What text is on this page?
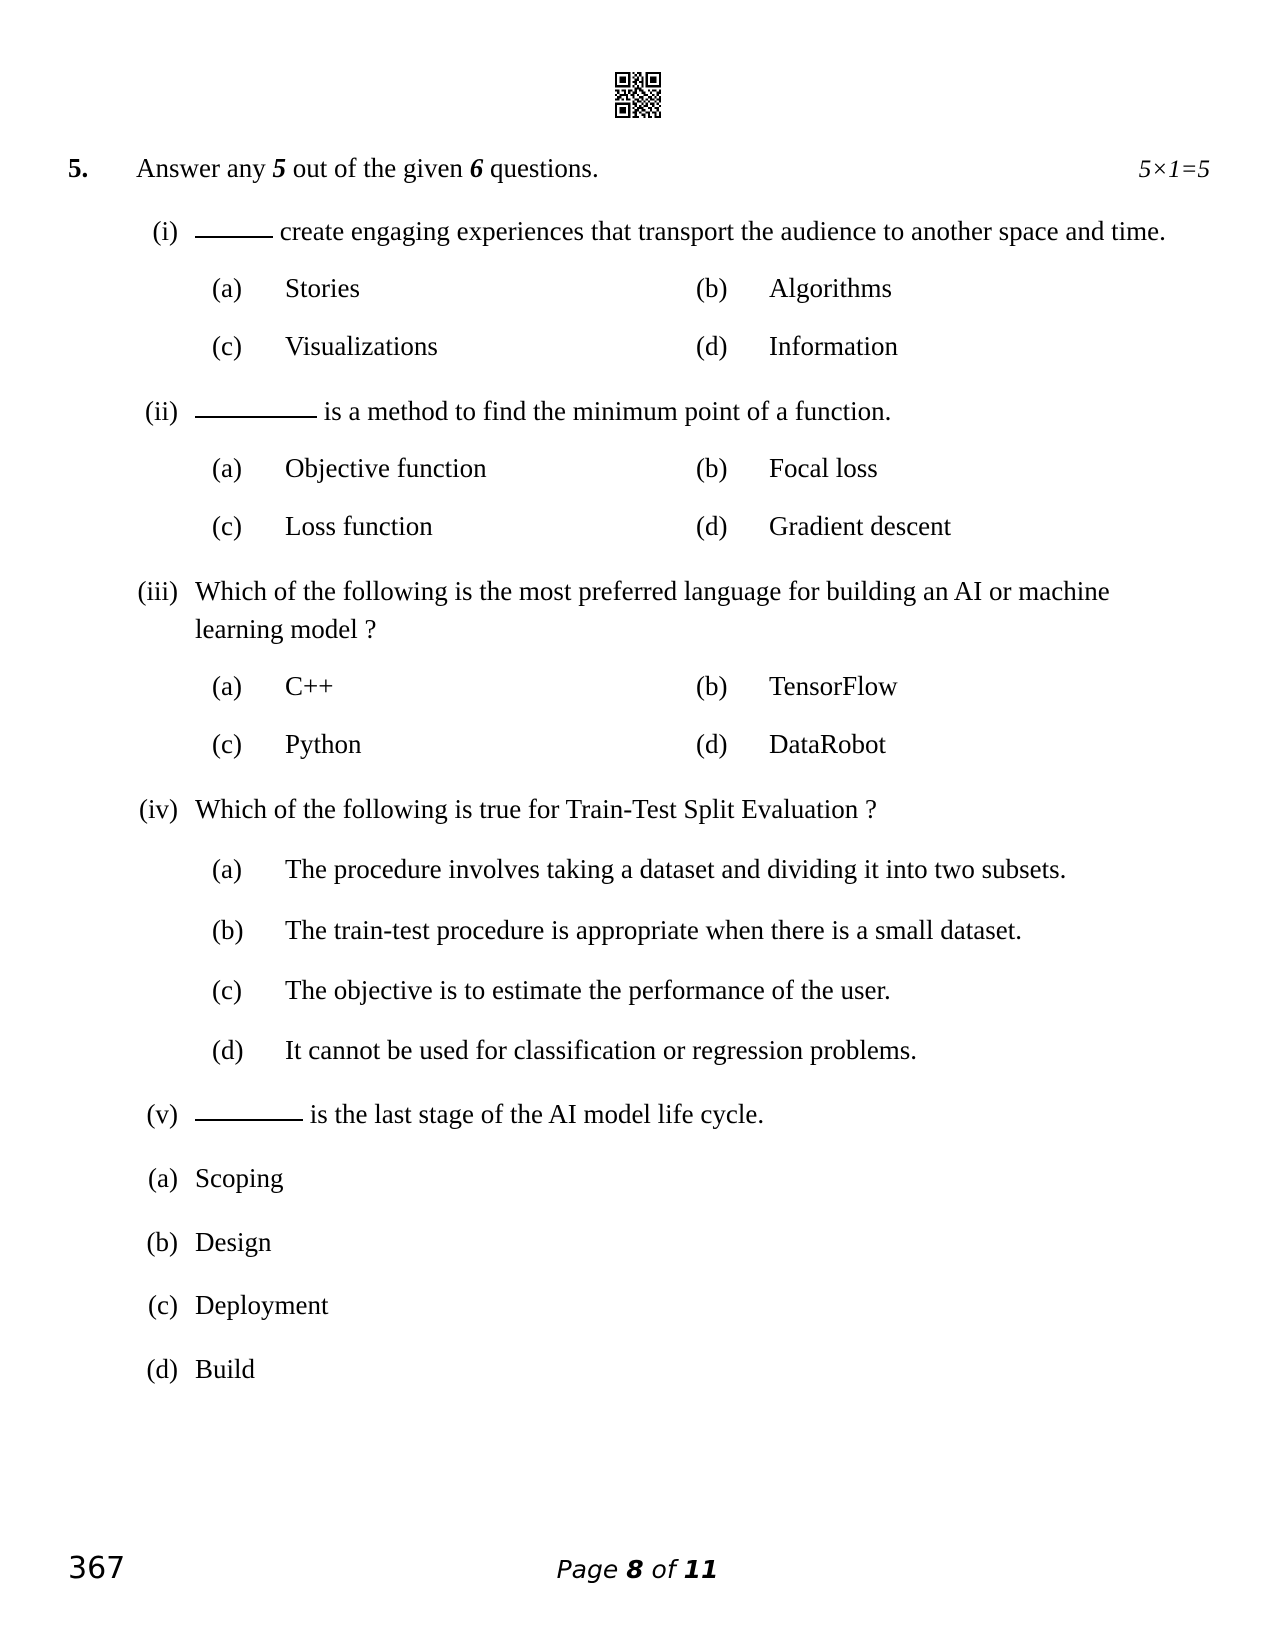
5.	Answer any 5 out of the given 6 questions.	5×1=5
(i)	create engaging experiences that transport the audience to another space and time.
(a)	Stories	(b)	Algorithms
(c)	Visualizations	(d)	Information
(ii)	is a method to find the minimum point of a function.
(a)	Objective function	(b)	Focal loss
(c)	Loss function	(d)	Gradient descent
(iii) Which of the following is the most preferred language for building an AI or machine learning model ?
(a)	C++	(b)	TensorFlow
(c)	Python	(d)	DataRobot
(iv) Which of the following is true for Train-Test Split Evaluation ?
(a)	The procedure involves taking a dataset and dividing it into two subsets.
(b)	The train-test procedure is appropriate when there is a small dataset.
(c)	The objective is to estimate the performance of the user.
(d)	It cannot be used for classification or regression problems.
(v)	is the last stage of the AI model life cycle.
(a) Scoping
(b) Design
(c) Deployment
(d) Build
367	Page 8 of 11
